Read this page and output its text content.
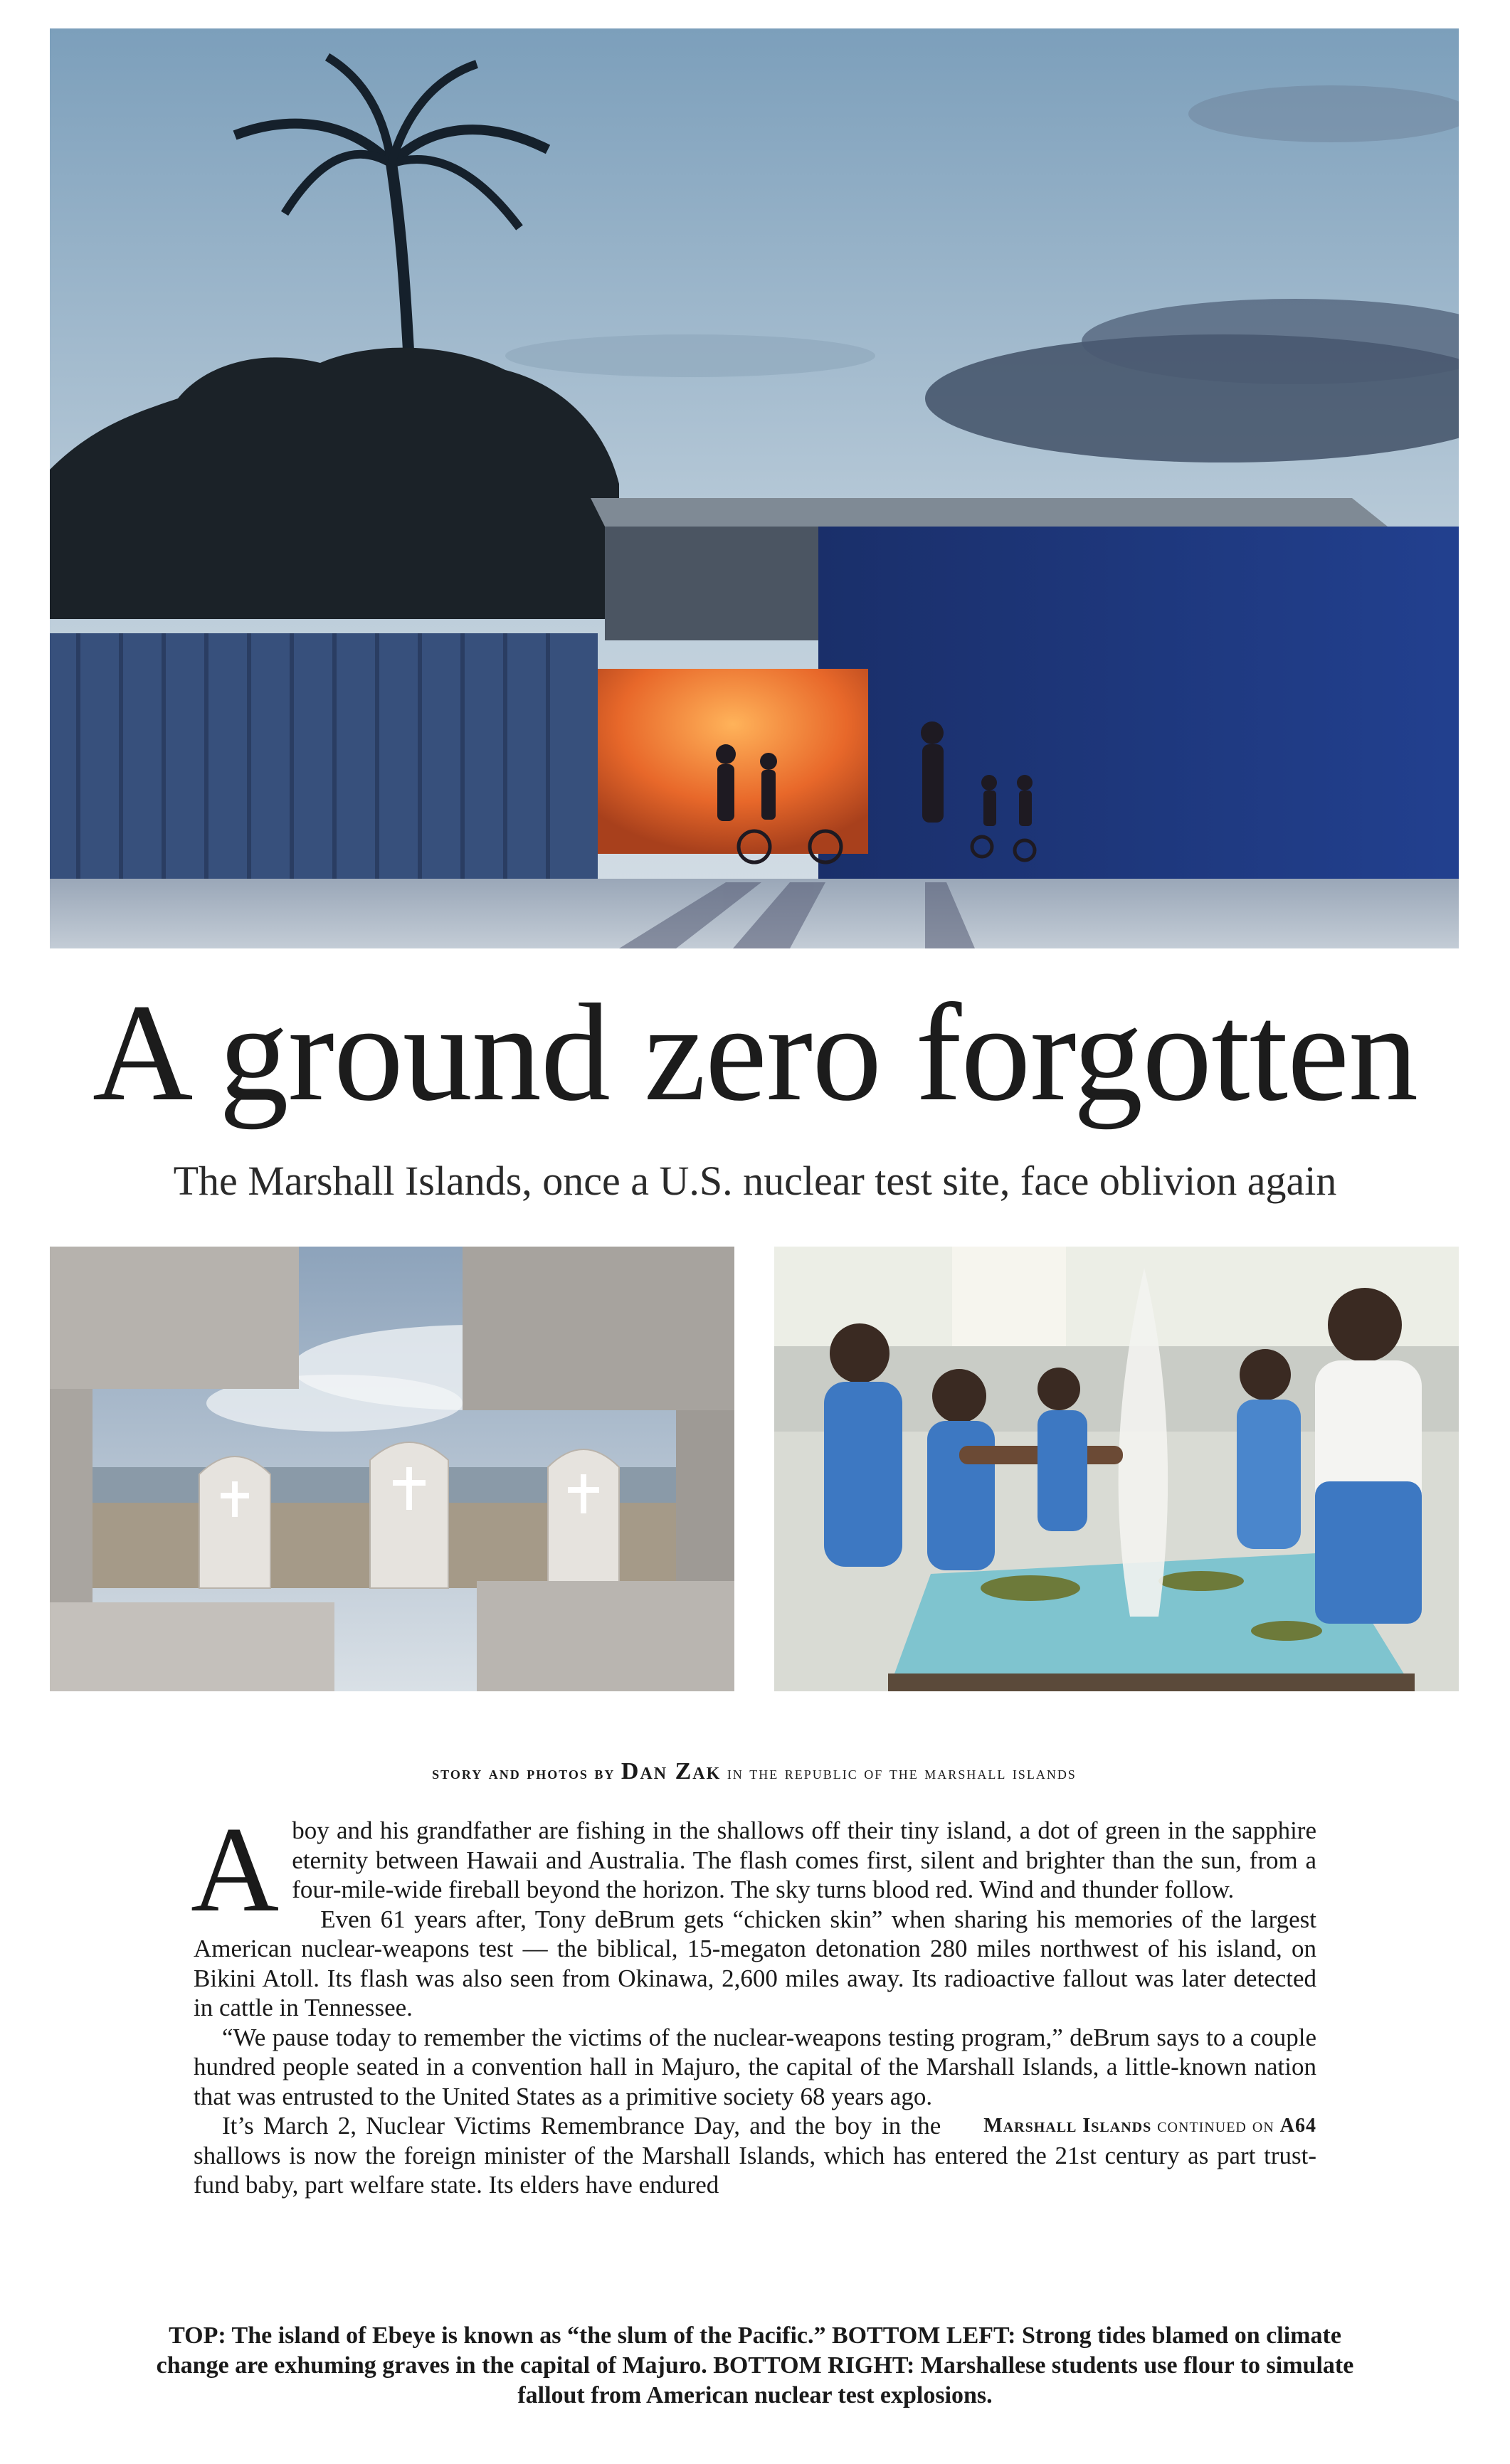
A ground zero forgotten

The Marshall Islands, once a U.S. nuclear test site, face oblivion again

story and photos by Dan Zak in the republic of the marshall islands

Aboy and his grandfather are fishing in the shallows off their tiny island, a dot of green in the sapphire eternity between Hawaii and Australia. The flash comes first, silent and brighter than the sun, from a four-mile-wide fireball beyond the horizon. The sky turns blood red. Wind and thunder follow.

Even 61 years after, Tony deBrum gets “chicken skin” when sharing his memories of the largest American nuclear-weapons test — the biblical, 15-megaton detonation 280 miles northwest of his island, on Bikini Atoll. Its flash was also seen from Okinawa, 2,600 miles away. Its radioactive fallout was later detected in cattle in Tennessee.

“We pause today to remember the victims of the nuclear-weapons testing program,” deBrum says to a couple hundred people seated in a convention hall in Majuro, the capital of the Marshall Islands, a little-known nation that was entrusted to the United States as a primitive society 68 years ago.

Marshall Islands continued on A64
It’s March 2, Nuclear Victims Remembrance Day, and the boy in the shallows is now the foreign minister of the Marshall Islands, which has entered the 21st century as part trust-fund baby, part welfare state. Its elders have endured

TOP: The island of Ebeye is known as “the slum of the Pacific.” BOTTOM LEFT: Strong tides blamed on climate change are exhuming graves in the capital of Majuro. BOTTOM RIGHT: Marshallese students use flour to simulate fallout from American nuclear test explosions.
